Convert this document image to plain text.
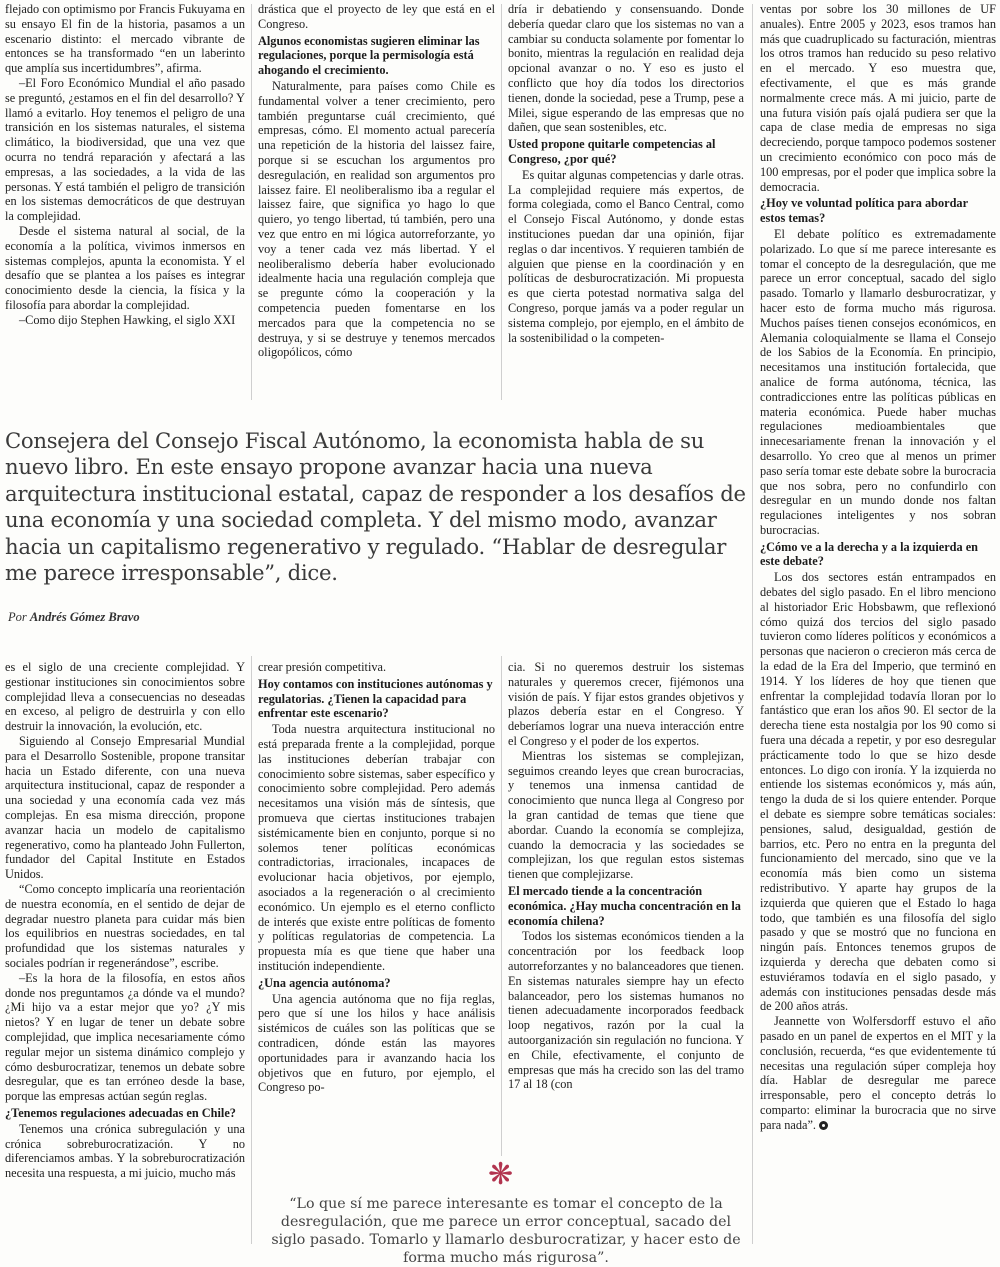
flejado con optimismo por Francis Fukuyama en su ensayo El fin de la historia, pasamos a un escenario distinto: el mercado vibrante de entonces se ha transformado “en un laberinto que amplía sus incertidumbres”, afirma.

–El Foro Económico Mundial el año pasado se preguntó, ¿estamos en el fin del desarrollo? Y llamó a evitarlo. Hoy tenemos el peligro de una transición en los sistemas naturales, el sistema climático, la biodiversidad, que una vez que ocurra no tendrá reparación y afectará a las empresas, a las sociedades, a la vida de las personas. Y está también el peligro de transición en los sistemas democráticos de que destruyan la complejidad.

Desde el sistema natural al social, de la economía a la política, vivimos inmersos en sistemas complejos, apunta la economista. Y el desafío que se plantea a los países es integrar conocimiento desde la ciencia, la física y la filosofía para abordar la complejidad.

–Como dijo Stephen Hawking, el siglo XXI

drástica que el proyecto de ley que está en el Congreso.

Algunos economistas sugieren eliminar las regulaciones, porque la permisología está ahogando el crecimiento.

Naturalmente, para países como Chile es fundamental volver a tener crecimiento, pero también preguntarse cuál crecimiento, qué empresas, cómo. El momento actual parecería una repetición de la historia del laissez faire, porque si se escuchan los argumentos pro desregulación, en realidad son argumentos pro laissez faire. El neoliberalismo iba a regular el laissez faire, que significa yo hago lo que quiero, yo tengo libertad, tú también, pero una vez que entro en mi lógica autorreforzante, yo voy a tener cada vez más libertad. Y el neoliberalismo debería haber evolucionado idealmente hacia una regulación compleja que se pregunte cómo la cooperación y la competencia pueden fomentarse en los mercados para que la competencia no se destruya, y si se destruye y tenemos mercados oligopólicos, cómo

dría ir debatiendo y consensuando. Donde debería quedar claro que los sistemas no van a cambiar su conducta solamente por fomentar lo bonito, mientras la regulación en realidad deja opcional avanzar o no. Y eso es justo el conflicto que hoy día todos los directorios tienen, donde la sociedad, pese a Trump, pese a Milei, sigue esperando de las empresas que no dañen, que sean sostenibles, etc.

Usted propone quitarle competencias al Congreso, ¿por qué?

Es quitar algunas competencias y darle otras. La complejidad requiere más expertos, de forma colegiada, como el Banco Central, como el Consejo Fiscal Autónomo, y donde estas instituciones puedan dar una opinión, fijar reglas o dar incentivos. Y requieren también de alguien que piense en la coordinación y en políticas de desburocratización. Mi propuesta es que cierta potestad normativa salga del Congreso, porque jamás va a poder regular un sistema complejo, por ejemplo, en el ámbito de la sostenibilidad o la competen-

ventas por sobre los 30 millones de UF anuales). Entre 2005 y 2023, esos tramos han más que cuadruplicado su facturación, mientras los otros tramos han reducido su peso relativo en el mercado. Y eso muestra que, efectivamente, el que es más grande normalmente crece más. A mi juicio, parte de una futura visión país ojalá pudiera ser que la capa de clase media de empresas no siga decreciendo, porque tampoco podemos sostener un crecimiento económico con poco más de 100 empresas, por el poder que implica sobre la democracia.

¿Hoy ve voluntad política para abordar estos temas?

El debate político es extremadamente polarizado. Lo que sí me parece interesante es tomar el concepto de la desregulación, que me parece un error conceptual, sacado del siglo pasado. Tomarlo y llamarlo desburocratizar, y hacer esto de forma mucho más rigurosa. Muchos países tienen consejos económicos, en Alemania coloquialmente se llama el Consejo de los Sabios de la Economía. En principio, necesitamos una institución fortalecida, que analice de forma autónoma, técnica, las contradicciones entre las políticas públicas en materia económica. Puede haber muchas regulaciones medioambientales que innecesariamente frenan la innovación y el desarrollo. Yo creo que al menos un primer paso sería tomar este debate sobre la burocracia que nos sobra, pero no confundirlo con desregular en un mundo donde nos faltan regulaciones inteligentes y nos sobran burocracias.

¿Cómo ve a la derecha y a la izquierda en este debate?

Los dos sectores están entrampados en debates del siglo pasado. En el libro menciono al historiador Eric Hobsbawm, que reflexionó cómo quizá dos tercios del siglo pasado tuvieron como líderes políticos y económicos a personas que nacieron o crecieron más cerca de la edad de la Era del Imperio, que terminó en 1914. Y los líderes de hoy que tienen que enfrentar la complejidad todavía lloran por lo fantástico que eran los años 90. El sector de la derecha tiene esta nostalgia por los 90 como si fuera una década a repetir, y por eso desregular prácticamente todo lo que se hizo desde entonces. Lo digo con ironía. Y la izquierda no entiende los sistemas económicos y, más aún, tengo la duda de si los quiere entender. Porque el debate es siempre sobre temáticas sociales: pensiones, salud, desigualdad, gestión de barrios, etc. Pero no entra en la pregunta del funcionamiento del mercado, sino que ve la economía más bien como un sistema redistributivo. Y aparte hay grupos de la izquierda que quieren que el Estado lo haga todo, que también es una filosofía del siglo pasado y que se mostró que no funciona en ningún país. Entonces tenemos grupos de izquierda y derecha que debaten como si estuviéramos todavía en el siglo pasado, y además con instituciones pensadas desde más de 200 años atrás.

Jeannette von Wolfersdorff estuvo el año pasado en un panel de expertos en el MIT y la conclusión, recuerda, “es que evidentemente tú necesitas una regulación súper compleja hoy día. Hablar de desregular me parece irresponsable, pero el concepto detrás lo comparto: eliminar la burocracia que no sirve para nada”.

Consejera del Consejo Fiscal Autónomo, la economista habla de su nuevo libro. En este ensayo propone avanzar hacia una nueva arquitectura institucional estatal, capaz de responder a los desafíos de una economía y una sociedad completa. Y del mismo modo, avanzar hacia un capitalismo regenerativo y regulado. “Hablar de desregular me parece irresponsable”, dice.

Por Andrés Gómez Bravo

es el siglo de una creciente complejidad. Y gestionar instituciones sin conocimientos sobre complejidad lleva a consecuencias no deseadas en exceso, al peligro de destruirla y con ello destruir la innovación, la evolución, etc.

Siguiendo al Consejo Empresarial Mundial para el Desarrollo Sostenible, propone transitar hacia un Estado diferente, con una nueva arquitectura institucional, capaz de responder a una sociedad y una economía cada vez más complejas. En esa misma dirección, propone avanzar hacia un modelo de capitalismo regenerativo, como ha planteado John Fullerton, fundador del Capital Institute en Estados Unidos.

“Como concepto implicaría una reorientación de nuestra economía, en el sentido de dejar de degradar nuestro planeta para cuidar más bien los equilibrios en nuestras sociedades, en tal profundidad que los sistemas naturales y sociales podrían ir regenerándose”, escribe.

–Es la hora de la filosofía, en estos años donde nos preguntamos ¿a dónde va el mundo? ¿Mi hijo va a estar mejor que yo? ¿Y mis nietos? Y en lugar de tener un debate sobre complejidad, que implica necesariamente cómo regular mejor un sistema dinámico complejo y cómo desburocratizar, tenemos un debate sobre desregular, que es tan erróneo desde la base, porque las empresas actúan según reglas.

¿Tenemos regulaciones adecuadas en Chile?

Tenemos una crónica subregulación y una crónica sobreburocratización. Y no diferenciamos ambas. Y la sobreburocratización necesita una respuesta, a mi juicio, mucho más

crear presión competitiva.

Hoy contamos con instituciones autónomas y regulatorias. ¿Tienen la capacidad para enfrentar este escenario?

Toda nuestra arquitectura institucional no está preparada frente a la complejidad, porque las instituciones deberían trabajar con conocimiento sobre sistemas, saber específico y conocimiento sobre complejidad. Pero además necesitamos una visión más de síntesis, que promueva que ciertas instituciones trabajen sistémicamente bien en conjunto, porque si no solemos tener políticas económicas contradictorias, irracionales, incapaces de evolucionar hacia objetivos, por ejemplo, asociados a la regeneración o al crecimiento económico. Un ejemplo es el eterno conflicto de interés que existe entre políticas de fomento y políticas regulatorias de competencia. La propuesta mía es que tiene que haber una institución independiente.

¿Una agencia autónoma?

Una agencia autónoma que no fija reglas, pero que sí une los hilos y hace análisis sistémicos de cuáles son las políticas que se contradicen, dónde están las mayores oportunidades para ir avanzando hacia los objetivos que en futuro, por ejemplo, el Congreso po-

cia. Si no queremos destruir los sistemas naturales y queremos crecer, fijémonos una visión de país. Y fijar estos grandes objetivos y plazos debería estar en el Congreso. Y deberíamos lograr una nueva interacción entre el Congreso y el poder de los expertos.

Mientras los sistemas se complejizan, seguimos creando leyes que crean burocracias, y tenemos una inmensa cantidad de conocimiento que nunca llega al Congreso por la gran cantidad de temas que tiene que abordar. Cuando la economía se complejiza, cuando la democracia y las sociedades se complejizan, los que regulan estos sistemas tienen que complejizarse.

El mercado tiende a la concentración económica. ¿Hay mucha concentración en la economía chilena?

Todos los sistemas económicos tienden a la concentración por los feedback loop autorreforzantes y no balanceadores que tienen. En sistemas naturales siempre hay un efecto balanceador, pero los sistemas humanos no tienen adecuadamente incorporados feedback loop negativos, razón por la cual la autoorganización sin regulación no funciona. Y en Chile, efectivamente, el conjunto de empresas que más ha crecido son las del tramo 17 al 18 (con

❋

“Lo que sí me parece interesante es tomar el concepto de la desregulación, que me parece un error conceptual, sacado del siglo pasado. Tomarlo y llamarlo desburocratizar, y hacer esto de forma mucho más rigurosa”.
